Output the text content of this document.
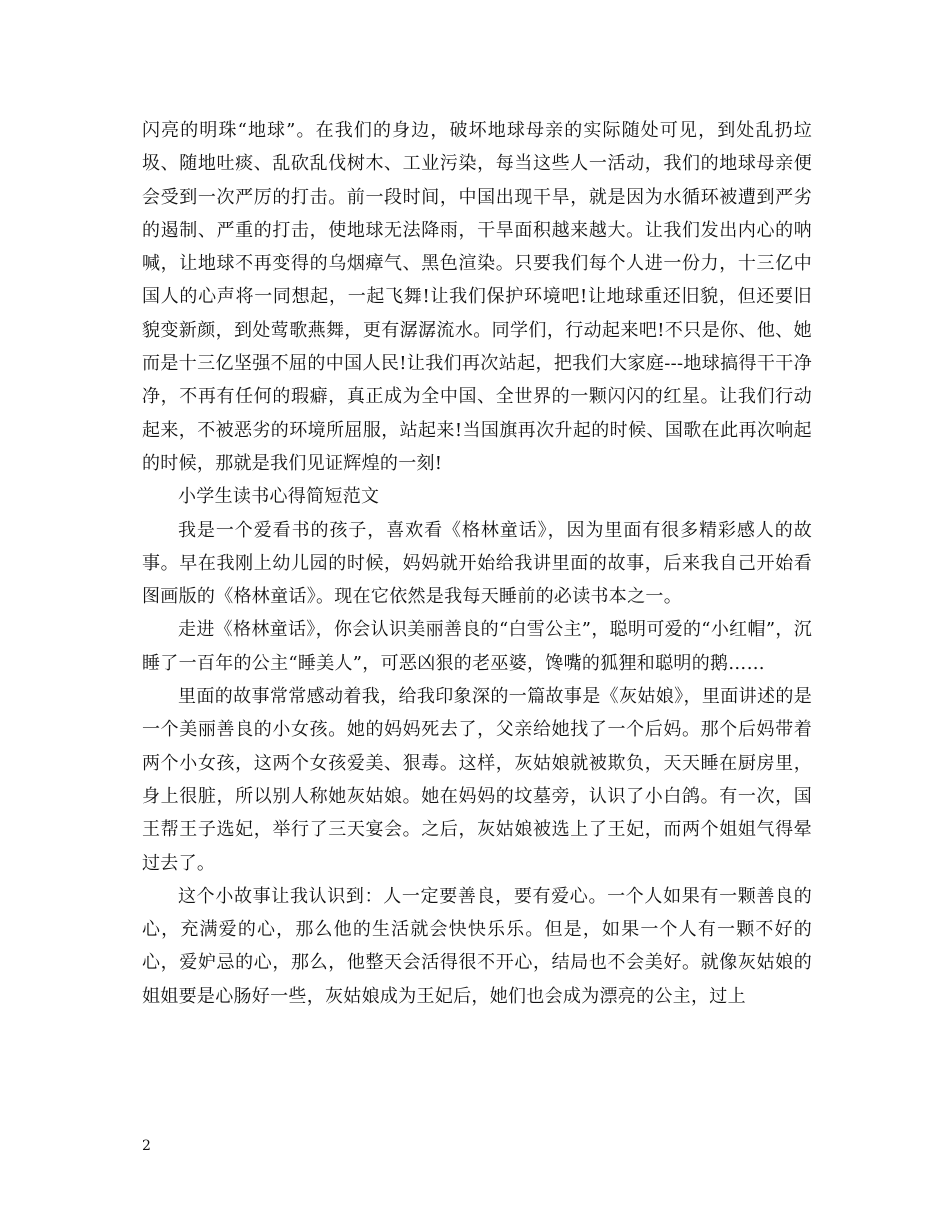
闪亮的明珠“地球”。在我们的身边，破坏地球母亲的实际随处可见，到处乱扔垃圾、随地吐痰、乱砍乱伐树木、工业污染，每当这些人一活动，我们的地球母亲便会受到一次严厉的打击。前一段时间，中国出现干旱，就是因为水循环被遭到严劣的遏制、严重的打击，使地球无法降雨，干旱面积越来越大。让我们发出内心的呐喊，让地球不再变得的乌烟瘴气、黑色渲染。只要我们每个人进一份力，十三亿中国人的心声将一同想起，一起飞舞!让我们保护环境吧!让地球重还旧貌，但还要旧貌变新颜，到处莺歌燕舞，更有潺潺流水。同学们，行动起来吧!不只是你、他、她而是十三亿坚强不屈的中国人民!让我们再次站起，把我们大家庭---地球搞得干干净净，不再有任何的瑕癖，真正成为全中国、全世界的一颗闪闪的红星。让我们行动起来，不被恶劣的环境所屈服，站起来!当国旗再次升起的时候、国歌在此再次响起的时候，那就是我们见证辉煌的一刻!

小学生读书心得简短范文

我是一个爱看书的孩子，喜欢看《格林童话》，因为里面有很多精彩感人的故事。早在我刚上幼儿园的时候，妈妈就开始给我讲里面的故事，后来我自己开始看图画版的《格林童话》。现在它依然是我每天睡前的必读书本之一。

走进《格林童话》，你会认识美丽善良的“白雪公主”，聪明可爱的“小红帽”，沉睡了一百年的公主“睡美人”，可恶凶狠的老巫婆，馋嘴的狐狸和聪明的鹅……

里面的故事常常感动着我，给我印象深的一篇故事是《灰姑娘》，里面讲述的是一个美丽善良的小女孩。她的妈妈死去了，父亲给她找了一个后妈。那个后妈带着两个小女孩，这两个女孩爱美、狠毒。这样，灰姑娘就被欺负，天天睡在厨房里，身上很脏，所以别人称她灰姑娘。她在妈妈的坟墓旁，认识了小白鸽。有一次，国王帮王子选妃，举行了三天宴会。之后，灰姑娘被选上了王妃，而两个姐姐气得晕过去了。

这个小故事让我认识到：人一定要善良，要有爱心。一个人如果有一颗善良的心，充满爱的心，那么他的生活就会快快乐乐。但是，如果一个人有一颗不好的心，爱妒忌的心，那么，他整天会活得很不开心，结局也不会美好。就像灰姑娘的姐姐要是心肠好一些，灰姑娘成为王妃后，她们也会成为漂亮的公主，过上

2
